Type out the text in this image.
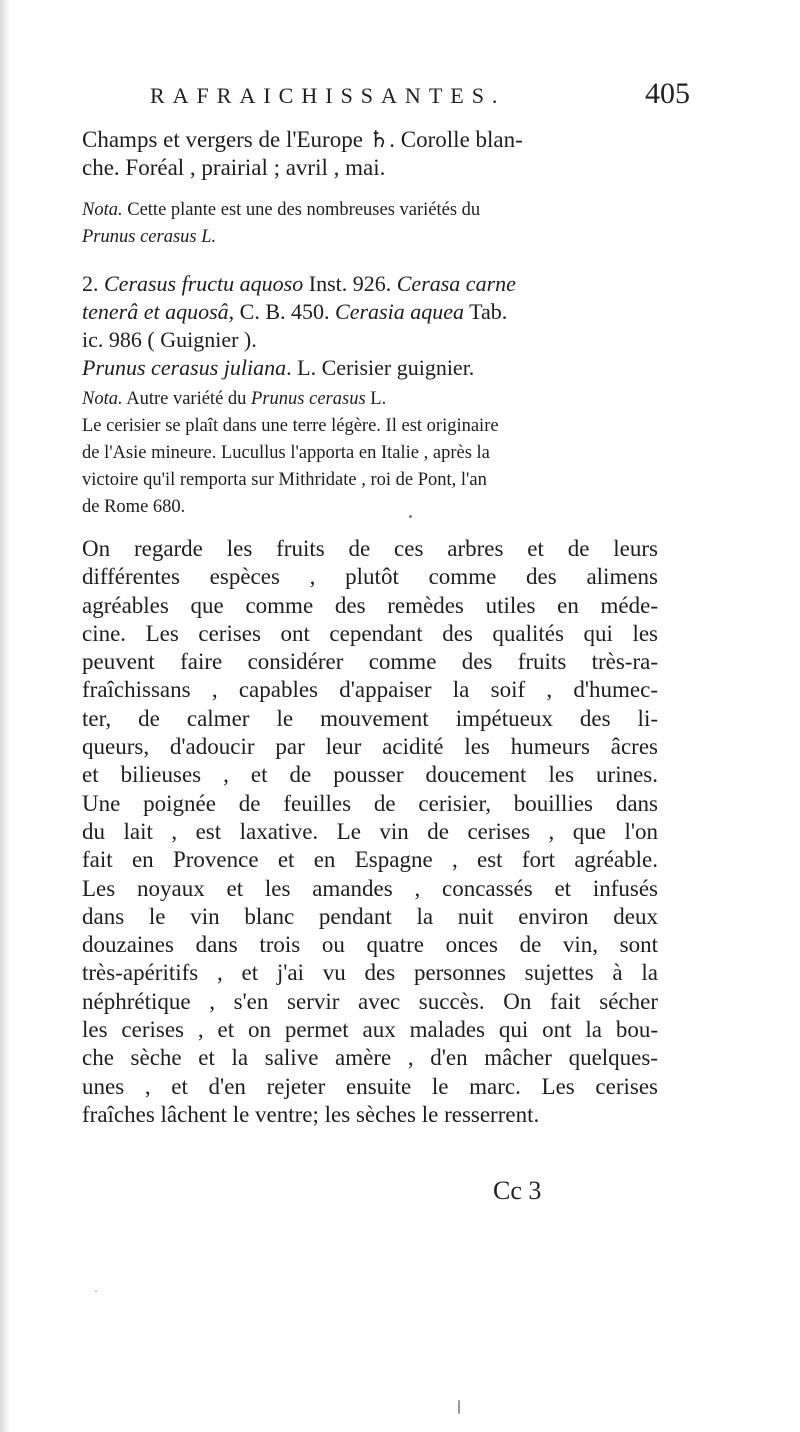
RAFRAICHISSANTES.	405
Champs et vergers de l'Europe ♄. Corolle blan-
che. Foréal , prairial ; avril , mai.
Nota. Cette plante est une des nombreuses variétés du
Prunus cerasus L.
2. Cerasus fructu aquoso Inst. 926. Cerasa carne
tenerâ et aquosâ, C. B. 450. Cerasia aquea Tab.
ic. 986 ( Guignier ).
Prunus cerasus juliana. L. Cerisier guignier.
Nota. Autre variété du Prunus cerasus L.
Le cerisier se plaît dans une terre légère. Il est originaire
de l'Asie mineure. Lucullus l'apporta en Italie , après la
victoire qu'il remporta sur Mithridate , roi de Pont, l'an
de Rome 680.
On regarde les fruits de ces arbres et de leurs
différentes espèces , plutôt comme des alimens
agréables que comme des remèdes utiles en méde-
cine. Les cerises ont cependant des qualités qui les
peuvent faire considérer comme des fruits très-ra-
fraîchissans , capables d'appaiser la soif , d'humec-
ter, de calmer le mouvement impétueux des li-
queurs, d'adoucir par leur acidité les humeurs âcres
et bilieuses , et de pousser doucement les urines.
Une poignée de feuilles de cerisier, bouillies dans
du lait , est laxative. Le vin de cerises , que l'on
fait en Provence et en Espagne , est fort agréable.
Les noyaux et les amandes , concassés et infusés
dans le vin blanc pendant la nuit environ deux
douzaines dans trois ou quatre onces de vin, sont
très-apéritifs , et j'ai vu des personnes sujettes à la
néphrétique , s'en servir avec succès. On fait sécher
les cerises , et on permet aux malades qui ont la bou-
che sèche et la salive amère , d'en mâcher quelques-
unes , et d'en rejeter ensuite le marc. Les cerises
fraîches lâchent le ventre; les sèches le resserrent.
Cc 3
